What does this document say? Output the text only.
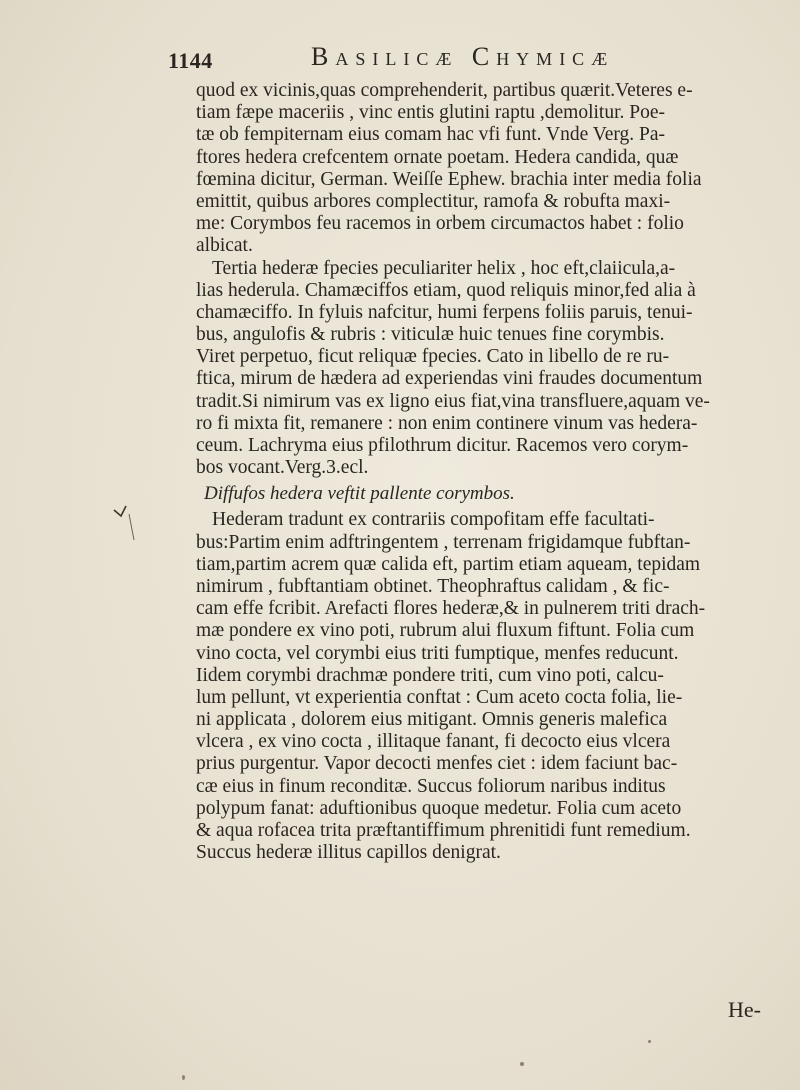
1144	Basilicæ Chymicæ
quod ex vicinis,quas comprehenderit, partibus quærit.Veteres e-
tiam fæpe maceriis , vinc entis glutini raptu ,demolitur. Poe-
tæ ob fempiternam eius comam hac vfi funt. Vnde Verg. Pa-
ftores hedera crefcentem ornate poetam. Hedera candida, quæ
fœmina dicitur, German. Weiſſe Ephew. brachia inter media folia
emittit, quibus arbores complectitur, ramofa & robufta maxi-
me: Corymbos feu racemos in orbem circumactos habet : folio
albicat.
Tertia hederæ fpecies peculiariter helix , hoc eft,claiicula,a-
lias hederula. Chamæciffos etiam, quod reliquis minor,fed alia à
chamæciffo. In fyluis nafcitur, humi ferpens foliis paruis, tenui-
bus, angulofis & rubris : viticulæ huic tenues fine corymbis.
Viret perpetuo, ficut reliquæ fpecies. Cato in libello de re ru-
ftica, mirum de hædera ad experiendas vini fraudes documentum
tradit.Si nimirum vas ex ligno eius fiat,vina transfluere,aquam ve-
ro fi mixta fit, remanere : non enim continere vinum vas hedera-
ceum. Lachryma eius pfilothrum dicitur. Racemos vero corym-
bos vocant.Verg.3.ecl.
Diffufos hedera veftit pallente corymbos.
Hederam tradunt ex contrariis compofitam effe facultati-
bus:Partim enim adftringentem , terrenam frigidamque fubftan-
tiam,partim acrem quæ calida eft, partim etiam aqueam, tepidam
nimirum , fubftantiam obtinet. Theophraftus calidam , & fic-
cam effe fcribit. Arefacti flores hederæ,& in pulnerem triti drach-
mæ pondere ex vino poti, rubrum alui fluxum fiftunt. Folia cum
vino cocta, vel corymbi eius triti fumptique, menfes reducunt.
Iidem corymbi drachmæ pondere triti, cum vino poti, calcu-
lum pellunt, vt experientia conftat : Cum aceto cocta folia, lie-
ni applicata , dolorem eius mitigant. Omnis generis malefica
vlcera , ex vino cocta , illitaque fanant, fi decocto eius vlcera
prius purgentur. Vapor decocti menfes ciet : idem faciunt bac-
cæ eius in finum reconditæ. Succus foliorum naribus inditus
polypum fanat: aduftionibus quoque medetur. Folia cum aceto
& aqua rofacea trita præftantiffimum phrenitidi funt remedium.
Succus hederæ illitus capillos denigrat.
He-
